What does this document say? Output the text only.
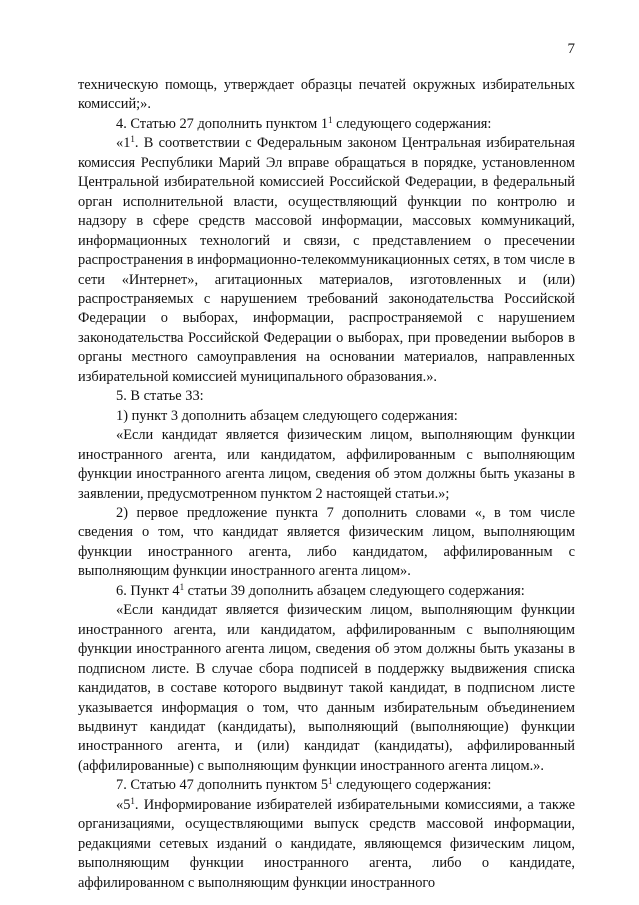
7

техническую помощь, утверждает образцы печатей окружных избирательных комиссий;».

4. Статью 27 дополнить пунктом $1^1$ следующего содержания:

«$1^1$. В соответствии с Федеральным законом Центральная избирательная комиссия Республики Марий Эл вправе обращаться в порядке, установленном Центральной избирательной комиссией Российской Федерации, в федеральный орган исполнительной власти, осуществляющий функции по контролю и надзору в сфере средств массовой информации, массовых коммуникаций, информационных технологий и связи, с представлением о пресечении распространения в информационно-телекоммуникационных сетях, в том числе в сети «Интернет», агитационных материалов, изготовленных и (или) распространяемых с нарушением требований законодательства Российской Федерации о выборах, информации, распространяемой с нарушением законодательства Российской Федерации о выборах, при проведении выборов в органы местного самоуправления на основании материалов, направленных избирательной комиссией муниципального образования.».

5. В статье 33:

1) пункт 3 дополнить абзацем следующего содержания:

«Если кандидат является физическим лицом, выполняющим функции иностранного агента, или кандидатом, аффилированным с выполняющим функции иностранного агента лицом, сведения об этом должны быть указаны в заявлении, предусмотренном пунктом 2 настоящей статьи.»;

2) первое предложение пункта 7 дополнить словами «, в том числе сведения о том, что кандидат является физическим лицом, выполняющим функции иностранного агента, либо кандидатом, аффилированным с выполняющим функции иностранного агента лицом».

6. Пункт $4^1$ статьи 39 дополнить абзацем следующего содержания:

«Если кандидат является физическим лицом, выполняющим функции иностранного агента, или кандидатом, аффилированным с выполняющим функции иностранного агента лицом, сведения об этом должны быть указаны в подписном листе. В случае сбора подписей в поддержку выдвижения списка кандидатов, в составе которого выдвинут такой кандидат, в подписном листе указывается информация о том, что данным избирательным объединением выдвинут кандидат (кандидаты), выполняющий (выполняющие) функции иностранного агента, и (или) кандидат (кандидаты), аффилированный (аффилированные) с выполняющим функции иностранного агента лицом.».

7. Статью 47 дополнить пунктом $5^1$ следующего содержания:

«$5^1$. Информирование избирателей избирательными комиссиями, а также организациями, осуществляющими выпуск средств массовой информации, редакциями сетевых изданий о кандидате, являющемся физическим лицом, выполняющим функции иностранного агента, либо о кандидате, аффилированном с выполняющим функции иностранного
